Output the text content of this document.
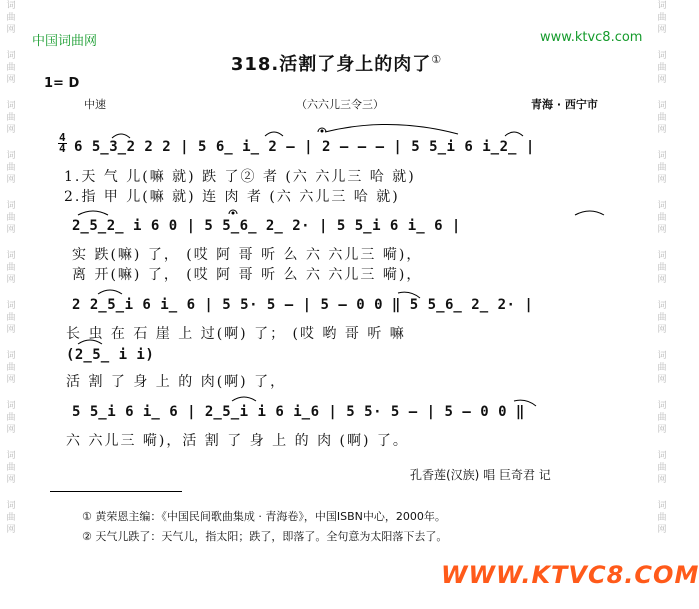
词曲网
词曲网
词曲网
词曲网
词曲网
词曲网
词曲网
词曲网
词曲网
词曲网
词曲网
词曲网
词曲网
词曲网
词曲网
词曲网
词曲网
词曲网
词曲网
词曲网
词曲网
词曲网
中国词曲网	www.ktvc8.com
318.活割了身上的肉了①
1= D
中速	（六六儿三令三）	青海 · 西宁市
4
4 6 5̲3̲2 2 2 | 5 6̲ i̲ 2 — | 2 — — — | 5 5̲i 6 i̲2̲ |
1.天 气 儿(嘛 就) 跌 了② 者 (六 六儿三 哈 就)
2.指 甲 儿(嘛 就) 连 肉 者 (六 六儿三 哈 就)
2̲5̲2̲ i 6 0 | 5 5̲6̲ 2̲ 2· | 5 5̲i 6 i̲ 6 |
实 跌(嘛) 了， (哎 阿 哥 听 么 六 六儿三 嗬)，
离 开(嘛) 了， (哎 阿 哥 听 么 六 六儿三 嗬)，
2 2̲5̲i 6 i̲ 6 | 5 5· 5 — | 5 — 0 0 ‖ 5 5̲6̲ 2̲ 2· |
长 虫 在 石 崖 上 过(啊) 了； (哎 哟 哥 听 嘛
(2̲5̲ i i)
活 割 了 身 上 的 肉(啊) 了，
5 5̲i 6 i̲ 6 | 2̲5̲i i 6 i̲6 | 5 5· 5 — | 5 — 0 0 ‖
六 六儿三 嗬)，活 割 了 身 上 的 肉 (啊) 了。
孔香莲(汉族) 唱 巨奇君 记
① 黄荣恩主编：《中国民间歌曲集成 · 青海卷》，中国ISBN中心，2000年。
② 天气儿跌了：天气儿，指太阳；跌了，即落了。全句意为太阳落下去了。
WWW.KTVC8.COM
